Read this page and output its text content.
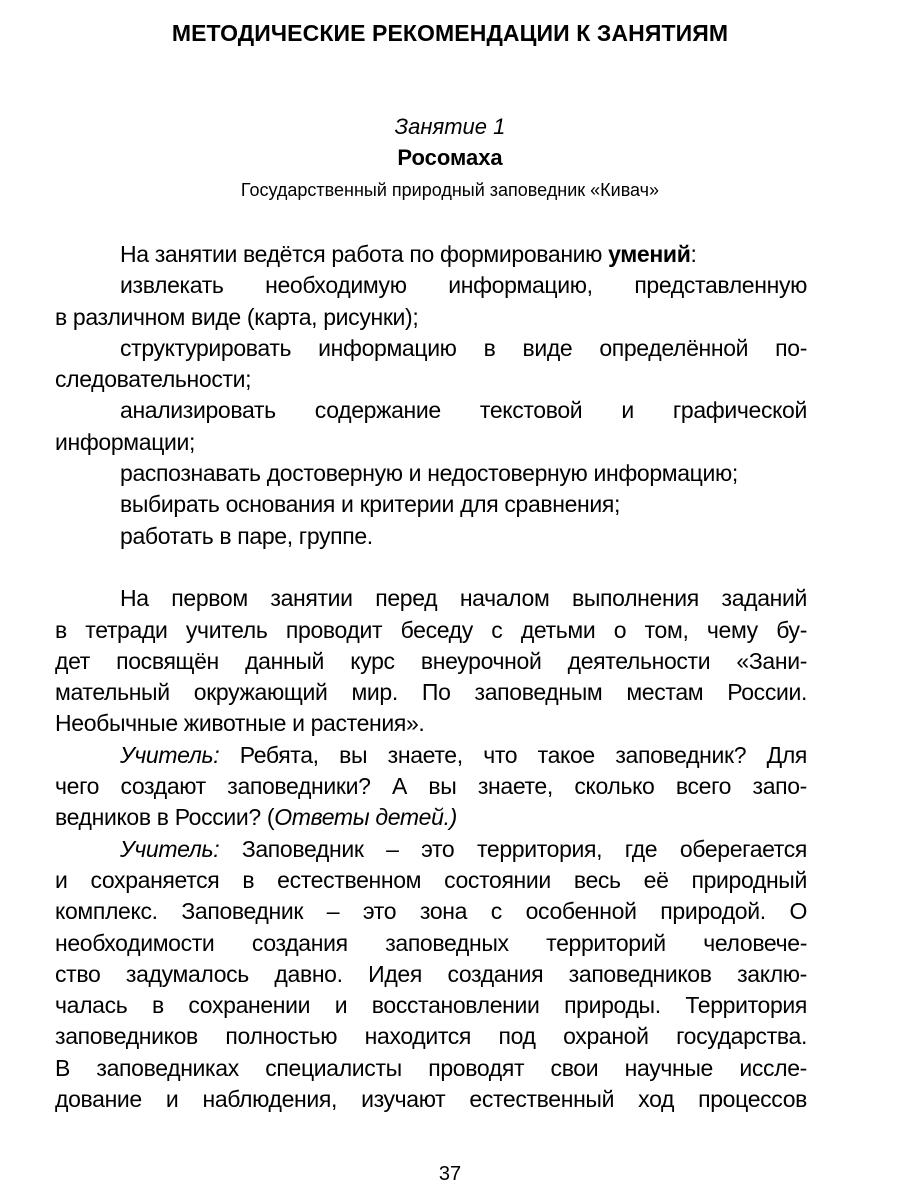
МЕТОДИЧЕСКИЕ РЕКОМЕНДАЦИИ К ЗАНЯТИЯМ
Занятие 1
Росомаха
Государственный природный заповедник «Кивач»
На занятии ведётся работа по формированию умений:
извлекать необходимую информацию, представленную
в различном виде (карта, рисунки);
структурировать информацию в виде определённой по-
следовательности;
анализировать содержание текстовой и графической
информации;
распознавать достоверную и недостоверную информацию;
выбирать основания и критерии для сравнения;
работать в паре, группе.
На первом занятии перед началом выполнения заданий
в тетради учитель проводит беседу с детьми о том, чему бу-
дет посвящён данный курс внеурочной деятельности «Зани-
мательный окружающий мир. По заповедным местам России.
Необычные животные и растения».
Учитель: Ребята, вы знаете, что такое заповедник? Для
чего создают заповедники? А вы знаете, сколько всего запо-
ведников в России? (Ответы детей.)
Учитель: Заповедник – это территория, где оберегается
и сохраняется в естественном состоянии весь её природный
комплекс. Заповедник – это зона с особенной природой. О
необходимости создания заповедных территорий человече-
ство задумалось давно. Идея создания заповедников заклю-
чалась в сохранении и восстановлении природы. Территория
заповедников полностью находится под охраной государства.
В заповедниках специалисты проводят свои научные иссле-
дование и наблюдения, изучают естественный ход процессов
37
